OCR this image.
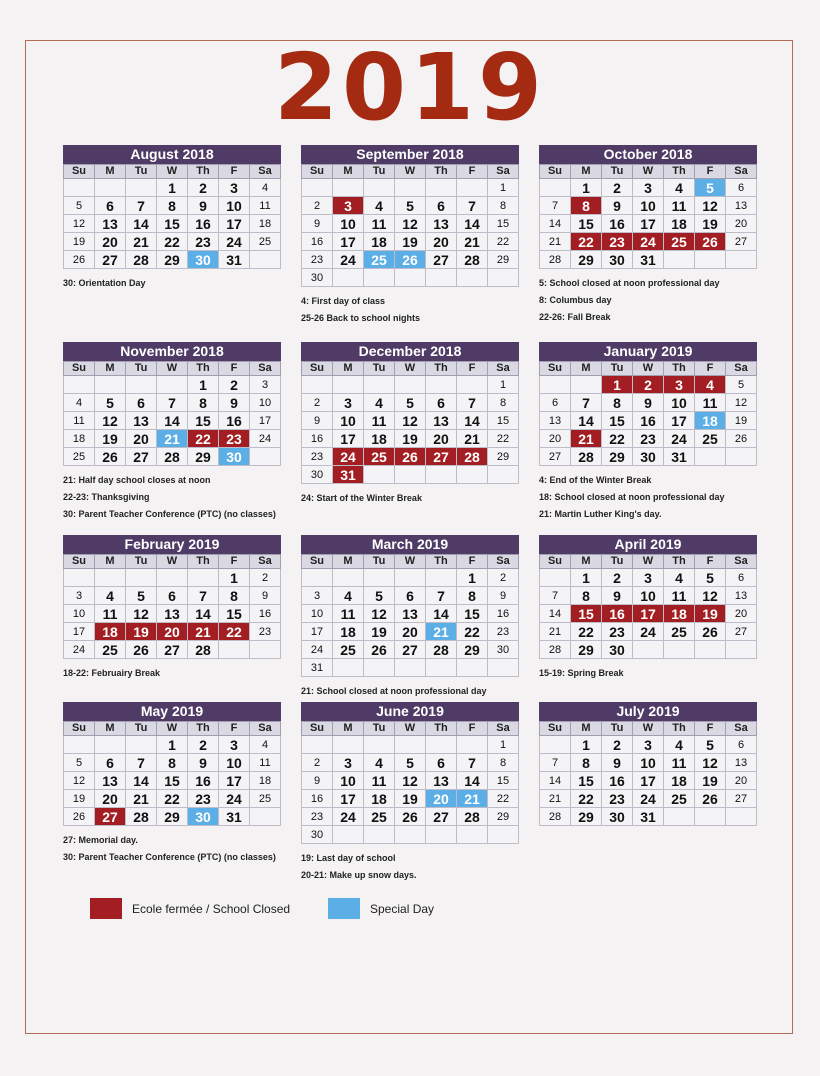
2019
August 2018
Su	M	Tu	W	Th	F	Sa
			1	2	3	4
5	6	7	8	9	10	11
12	13	14	15	16	17	18
19	20	21	22	23	24	25
26	27	28	29	30	31	
30: Orientation Day
September 2018
Su	M	Tu	W	Th	F	Sa
						1
2	3	4	5	6	7	8
9	10	11	12	13	14	15
16	17	18	19	20	21	22
23	24	25	26	27	28	29
30						
4: First day of class
25-26 Back to school nights
October 2018
Su	M	Tu	W	Th	F	Sa
	1	2	3	4	5	6
7	8	9	10	11	12	13
14	15	16	17	18	19	20
21	22	23	24	25	26	27
28	29	30	31			
5: School closed at noon professional day
8: Columbus day
22-26: Fall Break
November 2018
Su	M	Tu	W	Th	F	Sa
				1	2	3
4	5	6	7	8	9	10
11	12	13	14	15	16	17
18	19	20	21	22	23	24
25	26	27	28	29	30	
21: Half day school closes at noon
22-23: Thanksgiving
30: Parent Teacher Conference (PTC) (no classes)
December 2018
Su	M	Tu	W	Th	F	Sa
						1
2	3	4	5	6	7	8
9	10	11	12	13	14	15
16	17	18	19	20	21	22
23	24	25	26	27	28	29
30	31					
24: Start of the Winter Break
January 2019
Su	M	Tu	W	Th	F	Sa
		1	2	3	4	5
6	7	8	9	10	11	12
13	14	15	16	17	18	19
20	21	22	23	24	25	26
27	28	29	30	31		
4: End of the Winter Break
18: School closed at noon professional day
21: Martin Luther King's day.
February 2019
Su	M	Tu	W	Th	F	Sa
					1	2
3	4	5	6	7	8	9
10	11	12	13	14	15	16
17	18	19	20	21	22	23
24	25	26	27	28		
18-22: Februairy Break
March 2019
Su	M	Tu	W	Th	F	Sa
					1	2
3	4	5	6	7	8	9
10	11	12	13	14	15	16
17	18	19	20	21	22	23
24	25	26	27	28	29	30
31						
21: School closed at noon professional day
April 2019
Su	M	Tu	W	Th	F	Sa
	1	2	3	4	5	6
7	8	9	10	11	12	13
14	15	16	17	18	19	20
21	22	23	24	25	26	27
28	29	30				
15-19: Spring Break
May 2019
Su	M	Tu	W	Th	F	Sa
			1	2	3	4
5	6	7	8	9	10	11
12	13	14	15	16	17	18
19	20	21	22	23	24	25
26	27	28	29	30	31	
27: Memorial day.
30: Parent Teacher Conference (PTC) (no classes)
June 2019
Su	M	Tu	W	Th	F	Sa
						1
2	3	4	5	6	7	8
9	10	11	12	13	14	15
16	17	18	19	20	21	22
23	24	25	26	27	28	29
30						
19: Last day of school
20-21: Make up snow days.
July 2019
Su	M	Tu	W	Th	F	Sa
	1	2	3	4	5	6
7	8	9	10	11	12	13
14	15	16	17	18	19	20
21	22	23	24	25	26	27
28	29	30	31			
Ecole fermée / School Closed	Special Day
